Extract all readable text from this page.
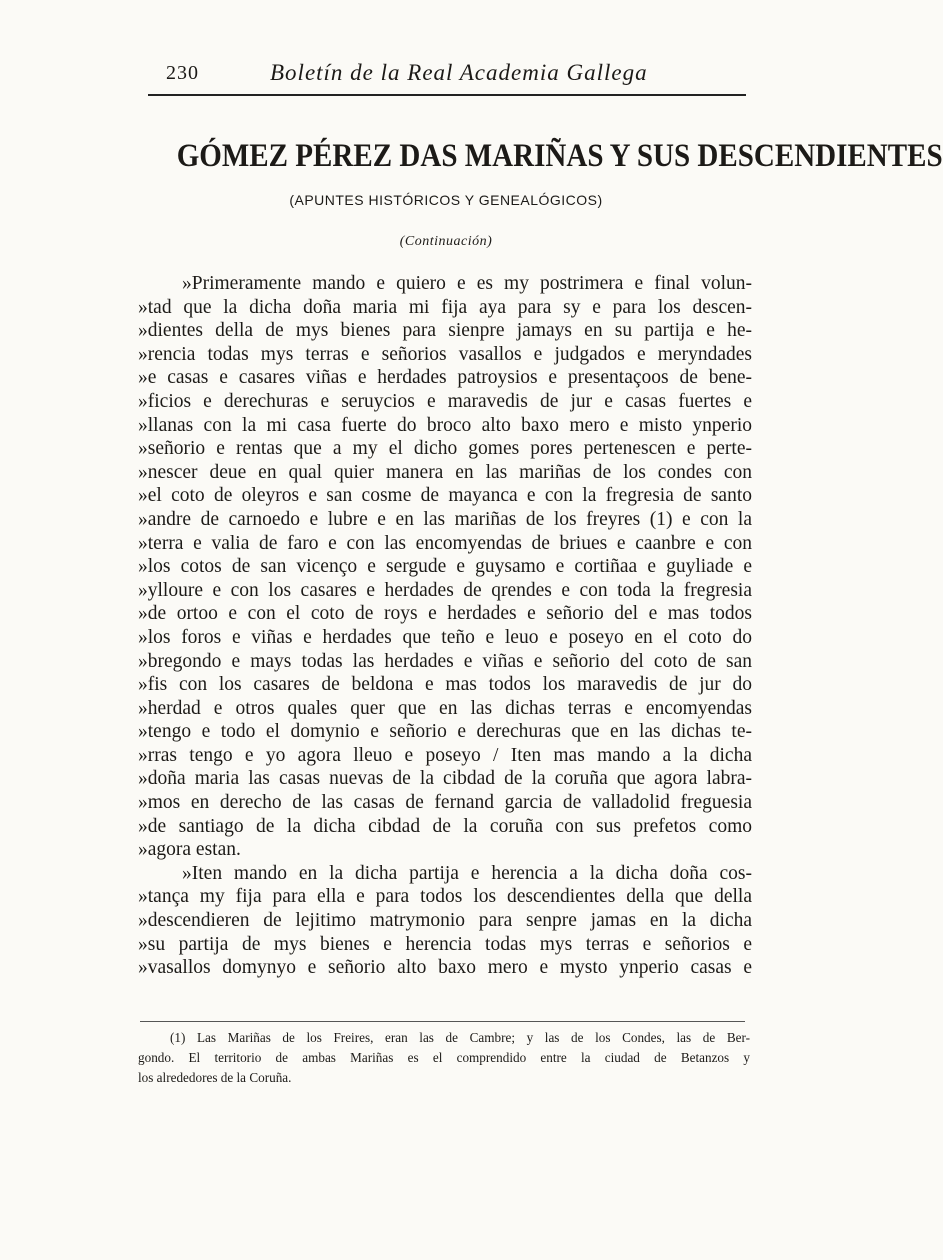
230	Boletín de la Real Academia Gallega
GÓMEZ PÉREZ DAS MARIÑAS Y SUS DESCENDIENTES
(APUNTES HISTÓRICOS Y GENEALÓGICOS)
(Continuación)
»Primeramente mando e quiero e es my postrimera e final volun-
»tad que la dicha doña maria mi fija aya para sy e para los descen-
»dientes della de mys bienes para sienpre jamays en su partija e he-
»rencia todas mys terras e señorios vasallos e judgados e meryndades
»e casas e casares viñas e herdades patroysios e presentaçoos de bene-
»ficios e derechuras e seruycios e maravedis de jur e casas fuertes e
»llanas con la mi casa fuerte do broco alto baxo mero e misto ynperio
»señorio e rentas que a my el dicho gomes pores pertenescen e perte-
»nescer deue en qual quier manera en las mariñas de los condes con
»el coto de oleyros e san cosme de mayanca e con la fregresia de santo
»andre de carnoedo e lubre e en las mariñas de los freyres (1) e con la
»terra e valia de faro e con las encomyendas de briues e caanbre e con
»los cotos de san vicenço e sergude e guysamo e cortiñaa e guyliade e
»ylloure e con los casares e herdades de qrendes e con toda la fregresia
»de ortoo e con el coto de roys e herdades e señorio del e mas todos
»los foros e viñas e herdades que teño e leuo e poseyo en el coto do
»bregondo e mays todas las herdades e viñas e señorio del coto de san
»fis con los casares de beldona e mas todos los maravedis de jur do
»herdad e otros quales quer que en las dichas terras e encomyendas
»tengo e todo el domynio e señorio e derechuras que en las dichas te-
»rras tengo e yo agora lleuo e poseyo / Iten mas mando a la dicha
»doña maria las casas nuevas de la cibdad de la coruña que agora labra-
»mos en derecho de las casas de fernand garcia de valladolid freguesia
»de santiago de la dicha cibdad de la coruña con sus prefetos como
»agora estan.
»Iten mando en la dicha partija e herencia a la dicha doña cos-
»tança my fija para ella e para todos los descendientes della que della
»descendieren de lejitimo matrymonio para senpre jamas en la dicha
»su partija de mys bienes e herencia todas mys terras e señorios e
»vasallos domynyo e señorio alto baxo mero e mysto ynperio casas e
(1) Las Mariñas de los Freires, eran las de Cambre; y las de los Condes, las de Ber-
gondo. El territorio de ambas Mariñas es el comprendido entre la ciudad de Betanzos y
los alrededores de la Coruña.
